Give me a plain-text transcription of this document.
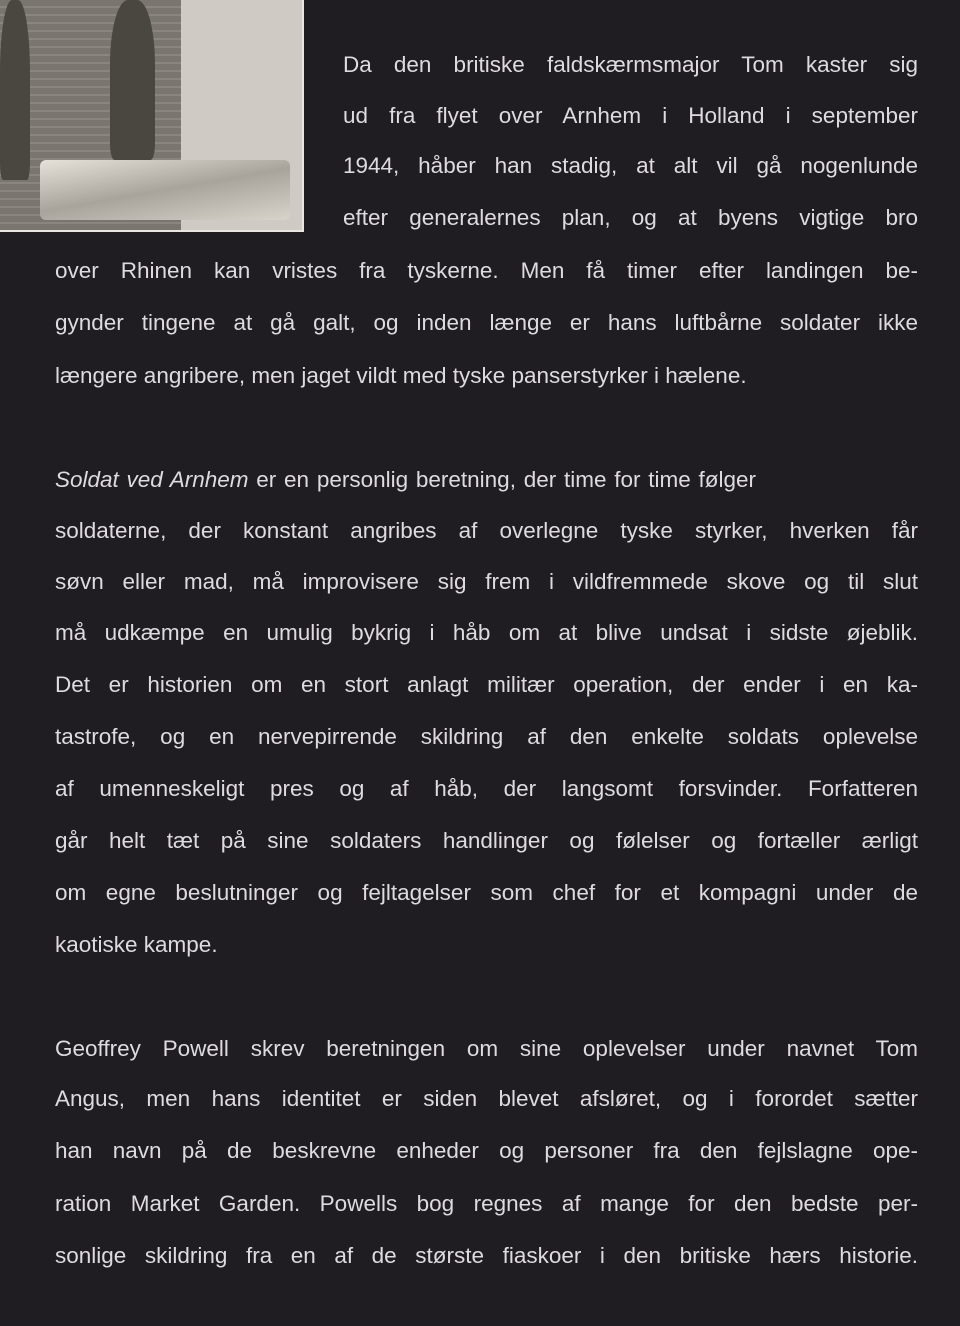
Da den britiske faldskærmsmajor Tom kaster sig
ud fra flyet over Arnhem i Holland i september
1944, håber han stadig, at alt vil gå nogenlunde
efter generalernes plan, og at byens vigtige bro
over Rhinen kan vristes fra tyskerne. Men få timer efter landingen be-
gynder tingene at gå galt, og inden længe er hans luftbårne soldater ikke
længere angribere, men jaget vildt med tyske panserstyrker i hælene.
Soldat ved Arnhem er en personlig beretning, der time for time følger
soldaterne, der konstant angribes af overlegne tyske styrker, hverken får
søvn eller mad, må improvisere sig frem i vildfremmede skove og til slut
må udkæmpe en umulig bykrig i håb om at blive undsat i sidste øjeblik.
Det er historien om en stort anlagt militær operation, der ender i en ka-
tastrofe, og en nervepirrende skildring af den enkelte soldats oplevelse
af umenneskeligt pres og af håb, der langsomt forsvinder. Forfatteren
går helt tæt på sine soldaters handlinger og følelser og fortæller ærligt
om egne beslutninger og fejltagelser som chef for et kompagni under de
kaotiske kampe.
Geoffrey Powell skrev beretningen om sine oplevelser under navnet Tom
Angus, men hans identitet er siden blevet afsløret, og i forordet sætter
han navn på de beskrevne enheder og personer fra den fejlslagne ope-
ration Market Garden. Powells bog regnes af mange for den bedste per-
sonlige skildring fra en af de største fiaskoer i den britiske hærs historie.
